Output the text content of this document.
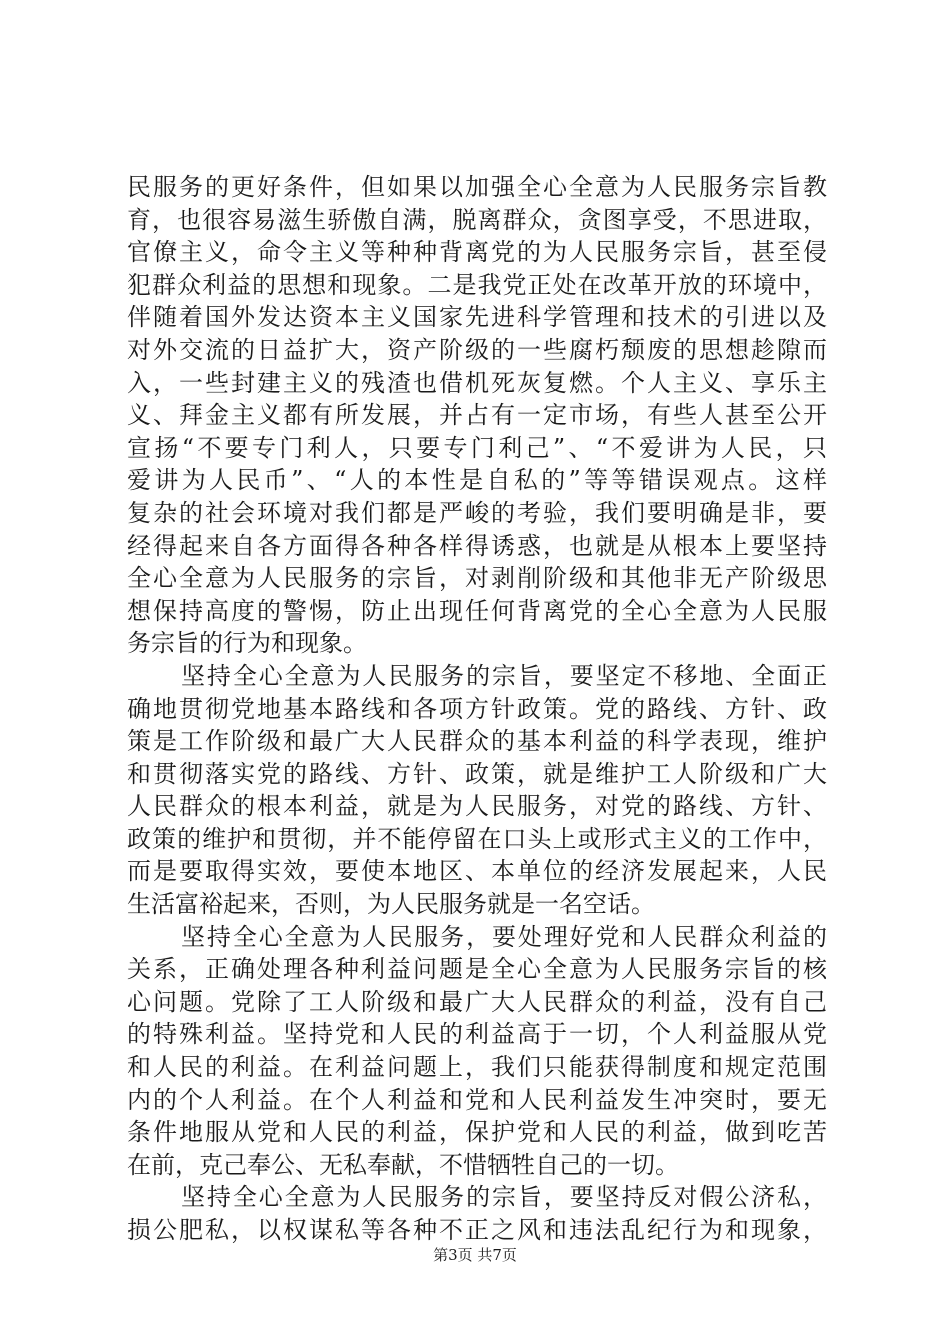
民服务的更好条件，但如果以加强全心全意为人民服务宗旨教
育，也很容易滋生骄傲自满，脱离群众，贪图享受，不思进取，
官僚主义，命令主义等种种背离党的为人民服务宗旨，甚至侵
犯群众利益的思想和现象。二是我党正处在改革开放的环境中，
伴随着国外发达资本主义国家先进科学管理和技术的引进以及
对外交流的日益扩大，资产阶级的一些腐朽颓废的思想趁隙而
入，一些封建主义的残渣也借机死灰复燃。个人主义、享乐主
义、拜金主义都有所发展，并占有一定市场，有些人甚至公开
宣扬“不要专门利人，只要专门利己”、“不爱讲为人民，只
爱讲为人民币”、“人的本性是自私的”等等错误观点。这样
复杂的社会环境对我们都是严峻的考验，我们要明确是非，要
经得起来自各方面得各种各样得诱惑，也就是从根本上要坚持
全心全意为人民服务的宗旨，对剥削阶级和其他非无产阶级思
想保持高度的警惕，防止出现任何背离党的全心全意为人民服
务宗旨的行为和现象。
坚持全心全意为人民服务的宗旨，要坚定不移地、全面正
确地贯彻党地基本路线和各项方针政策。党的路线、方针、政
策是工作阶级和最广大人民群众的基本利益的科学表现，维护
和贯彻落实党的路线、方针、政策，就是维护工人阶级和广大
人民群众的根本利益，就是为人民服务，对党的路线、方针、
政策的维护和贯彻，并不能停留在口头上或形式主义的工作中，
而是要取得实效，要使本地区、本单位的经济发展起来，人民
生活富裕起来，否则，为人民服务就是一名空话。
坚持全心全意为人民服务，要处理好党和人民群众利益的
关系，正确处理各种利益问题是全心全意为人民服务宗旨的核
心问题。党除了工人阶级和最广大人民群众的利益，没有自己
的特殊利益。坚持党和人民的利益高于一切，个人利益服从党
和人民的利益。在利益问题上，我们只能获得制度和规定范围
内的个人利益。在个人利益和党和人民利益发生冲突时，要无
条件地服从党和人民的利益，保护党和人民的利益，做到吃苦
在前，克己奉公、无私奉献，不惜牺牲自己的一切。
坚持全心全意为人民服务的宗旨，要坚持反对假公济私，
损公肥私，以权谋私等各种不正之风和违法乱纪行为和现象，
第3页 共7页
